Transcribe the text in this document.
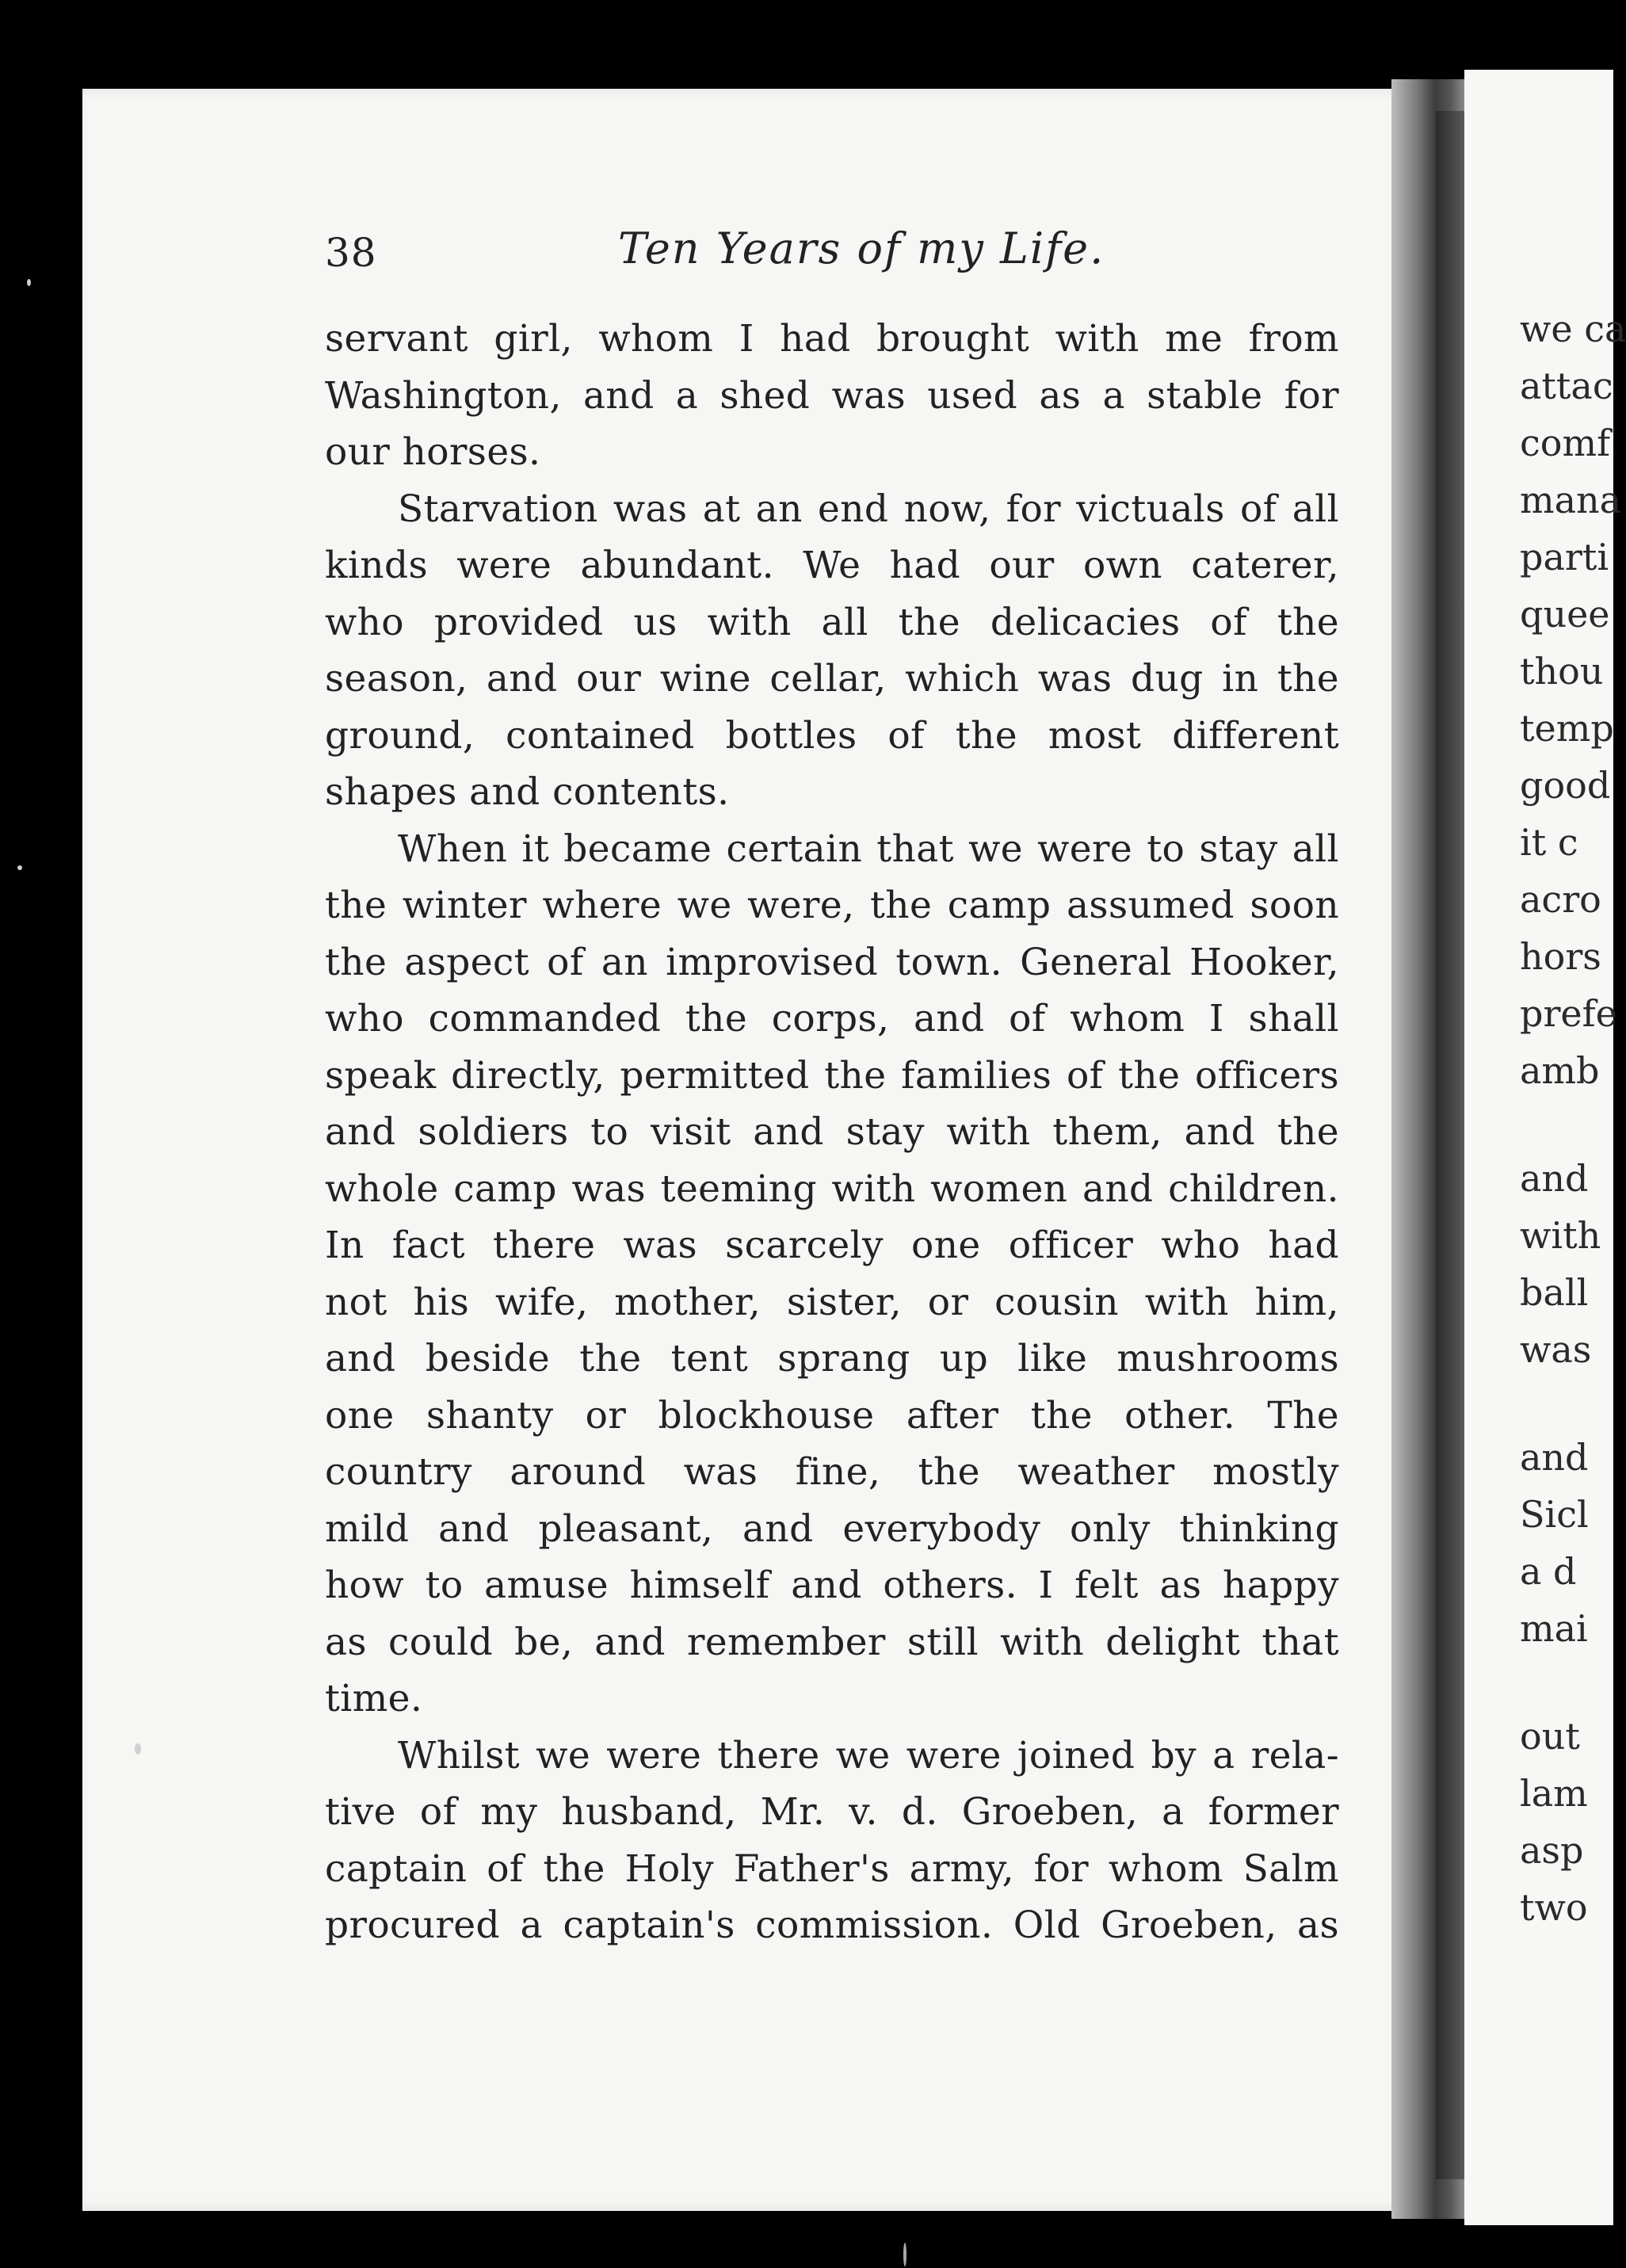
38	Ten Years of my Life.
servant girl, whom I had brought with me from
Washington, and a shed was used as a stable for
our horses.
Starvation was at an end now, for victuals of all
kinds were abundant. We had our own caterer,
who provided us with all the delicacies of the
season, and our wine cellar, which was dug in the
ground, contained bottles of the most different
shapes and contents.
When it became certain that we were to stay all
the winter where we were, the camp assumed soon
the aspect of an improvised town. General Hooker,
who commanded the corps, and of whom I shall
speak directly, permitted the families of the officers
and soldiers to visit and stay with them, and the
whole camp was teeming with women and children.
In fact there was scarcely one officer who had
not his wife, mother, sister, or cousin with him,
and beside the tent sprang up like mushrooms
one shanty or blockhouse after the other. The
country around was fine, the weather mostly
mild and pleasant, and everybody only thinking
how to amuse himself and others. I felt as happy
as could be, and remember still with delight that
time.
Whilst we were there we were joined by a rela-
tive of my husband, Mr. v. d. Groeben, a former
captain of the Holy Father's army, for whom Salm
procured a captain's commission. Old Groeben, as
we ca
attac
comf
mana
parti
quee
thou
temp
good
it c
acro
hors
prefe
amb
and
with
ball
was
and
Sicl
a d
mai
out
lam
asp
two
